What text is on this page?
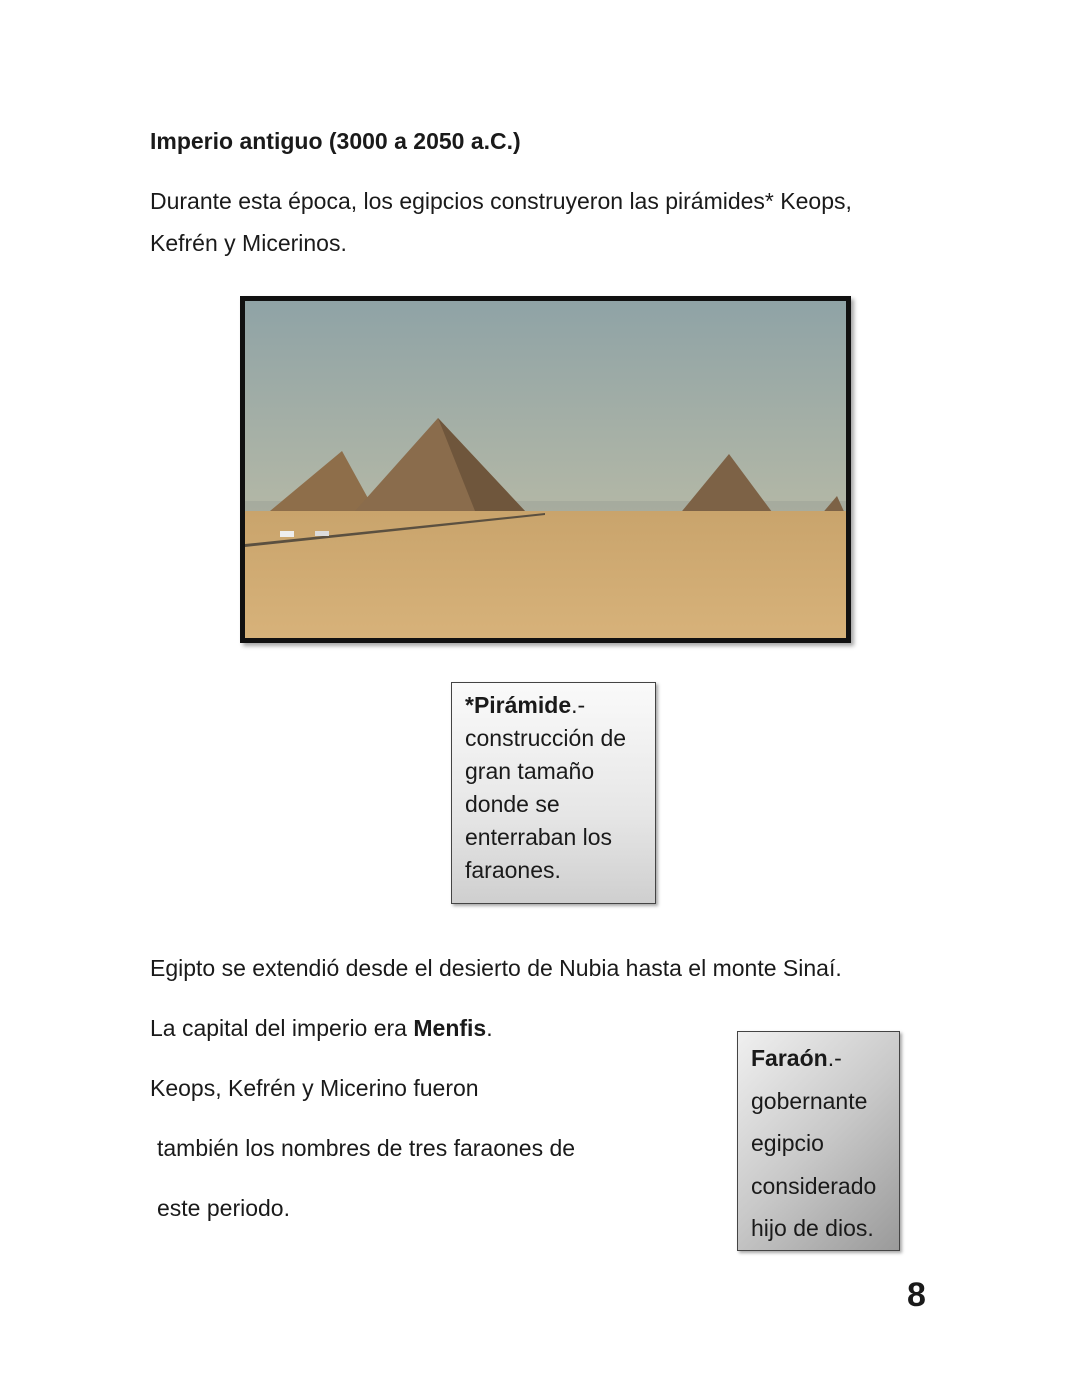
Imperio antiguo (3000 a 2050 a.C.)
Durante esta época, los egipcios construyeron las pirámides* Keops,
Kefrén y Micerinos.
*Pirámide.-
construcción de
gran tamaño
donde se
enterraban los
faraones.
Egipto se extendió desde el desierto de Nubia hasta el monte Sinaí.
La capital del imperio era Menfis.
Keops, Kefrén y Micerino fueron
también los nombres de tres faraones de
este periodo.
Faraón.-
gobernante
egipcio
considerado
hijo de dios.
8
